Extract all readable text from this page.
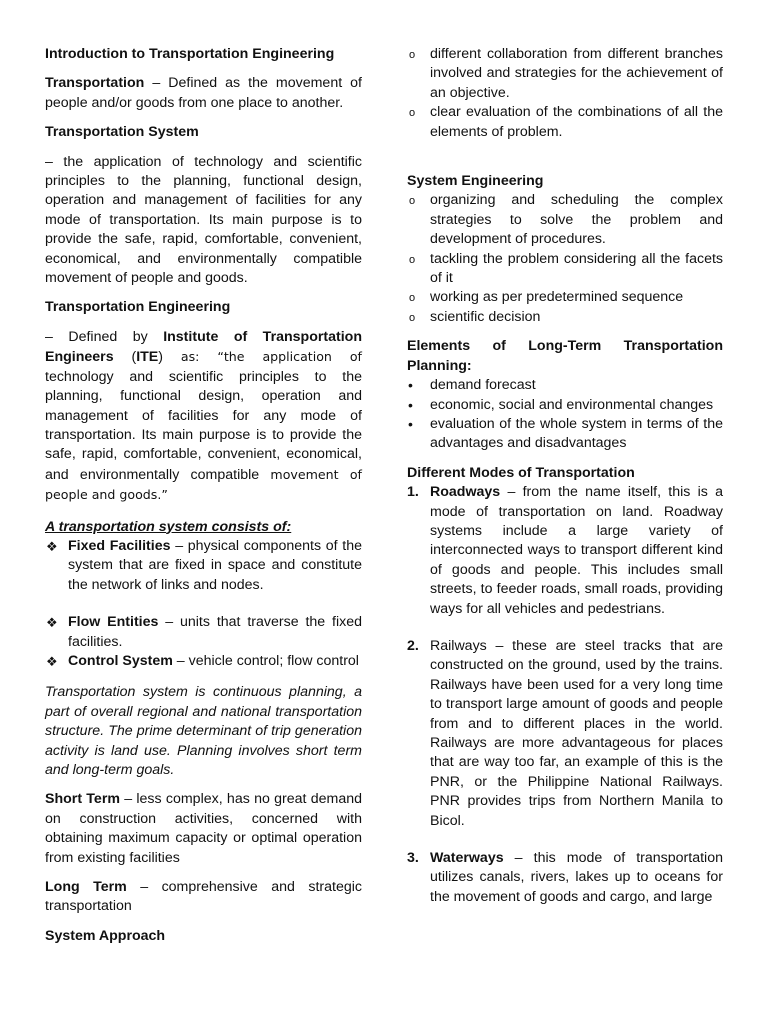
Introduction to Transportation Engineering

Transportation – Defined as the movement of people and/or goods from one place to another.

Transportation System

– the application of technology and scientific principles to the planning, functional design, operation and management of facilities for any mode of transportation. Its main purpose is to provide the safe, rapid, comfortable, convenient, economical, and environmentally compatible movement of people and goods.

Transportation Engineering

– Defined by Institute of Transportation Engineers (ITE) as: “the application of technology and scientific principles to the planning, functional design, operation and management of facilities for any mode of transportation. Its main purpose is to provide the safe, rapid, comfortable, convenient, economical, and environmentally compatible movement of people and goods.”

A transportation system consists of:

❖ Fixed Facilities – physical components of the system that are fixed in space and constitute the network of links and nodes.
❖ Flow Entities – units that traverse the fixed facilities.
❖ Control System – vehicle control; flow control

Transportation system is continuous planning, a part of overall regional and national transportation structure. The prime determinant of trip generation activity is land use. Planning involves short term and long-term goals.

Short Term – less complex, has no great demand on construction activities, concerned with obtaining maximum capacity or optimal operation from existing facilities

Long Term – comprehensive and strategic transportation

System Approach

o	different collaboration from different branches involved and strategies for the achievement of an objective.
o	clear evaluation of the combinations of all the elements of problem.

System Engineering

o	organizing and scheduling the complex strategies to solve the problem and development of procedures.
o	tackling the problem considering all the facets of it
o	working as per predetermined sequence
o	scientific decision

Elements of Long-Term Transportation Planning:

•	demand forecast
•	economic, social and environmental changes
•	evaluation of the whole system in terms of the advantages and disadvantages

Different Modes of Transportation

1. Roadways – from the name itself, this is a mode of transportation on land. Roadway systems include a large variety of interconnected ways to transport different kind of goods and people. This includes small streets, to feeder roads, small roads, providing ways for all vehicles and pedestrians.
2. Railways – these are steel tracks that are constructed on the ground, used by the trains. Railways have been used for a very long time to transport large amount of goods and people from and to different places in the world. Railways are more advantageous for places that are way too far, an example of this is the PNR, or the Philippine National Railways. PNR provides trips from Northern Manila to Bicol.
3. Waterways – this mode of transportation utilizes canals, rivers, lakes up to oceans for the movement of goods and cargo, and large
